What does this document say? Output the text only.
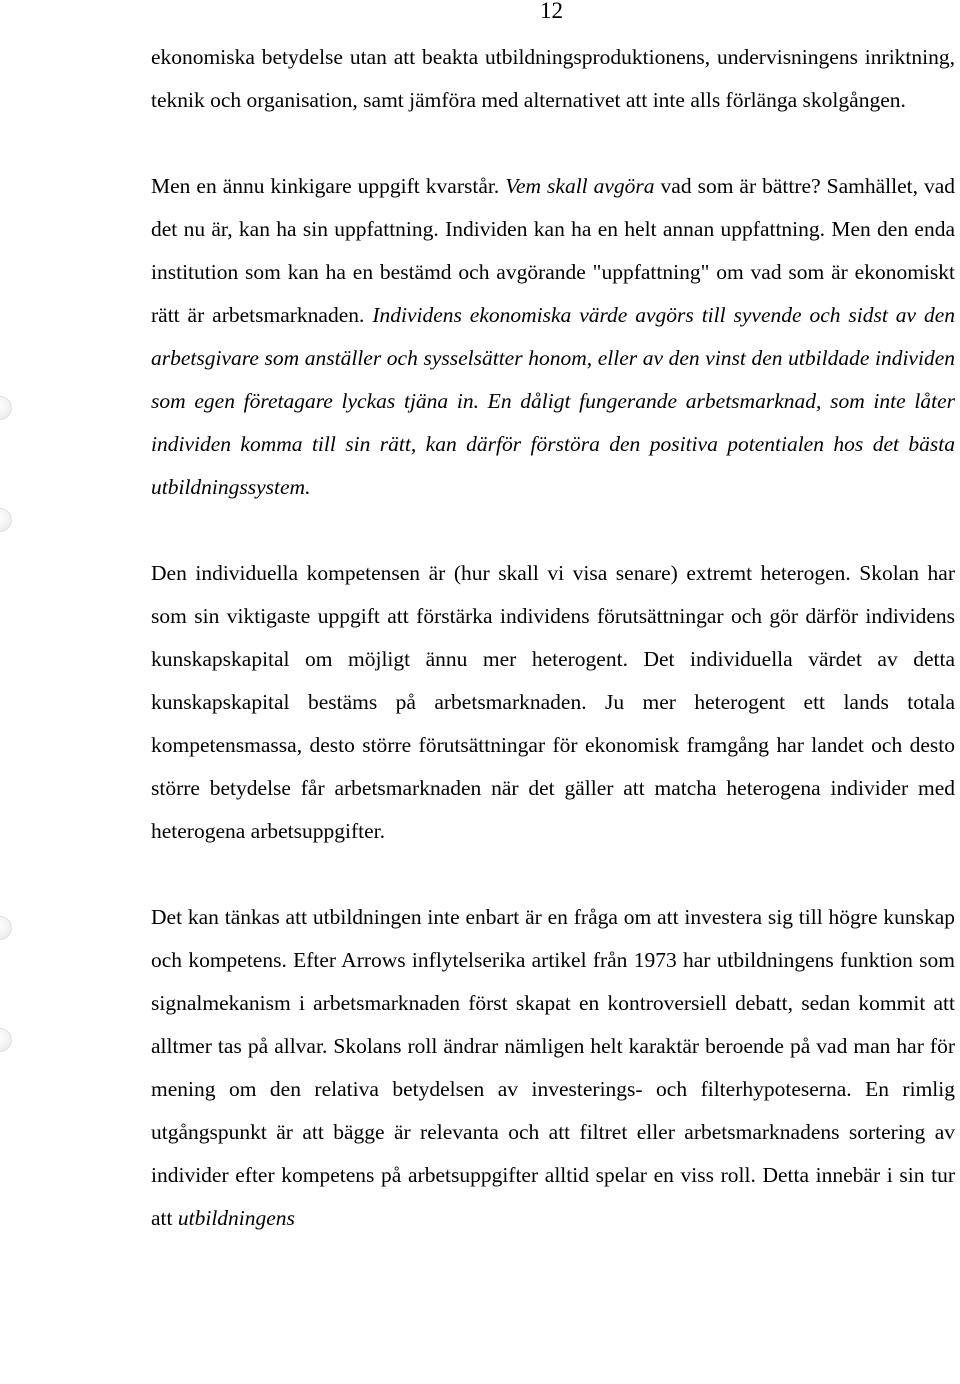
12

ekonomiska betydelse utan att beakta utbildningsproduktionens, undervisningens inriktning, teknik och organisation, samt jämföra med alternativet att inte alls förlänga skolgången.

Men en ännu kinkigare uppgift kvarstår. Vem skall avgöra vad som är bättre? Samhället, vad det nu är, kan ha sin uppfattning. Individen kan ha en helt annan uppfattning. Men den enda institution som kan ha en bestämd och avgörande "uppfattning" om vad som är ekonomiskt rätt är arbetsmarknaden. Individens ekonomiska värde avgörs till syvende och sidst av den arbetsgivare som anställer och sysselsätter honom, eller av den vinst den utbildade individen som egen företagare lyckas tjäna in. En dåligt fungerande arbetsmarknad, som inte låter individen komma till sin rätt, kan därför förstöra den positiva potentialen hos det bästa utbildningssystem.

Den individuella kompetensen är (hur skall vi visa senare) extremt heterogen. Skolan har som sin viktigaste uppgift att förstärka individens förutsättningar och gör därför individens kunskapskapital om möjligt ännu mer heterogent. Det individuella värdet av detta kunskapskapital bestäms på arbetsmarknaden. Ju mer heterogent ett lands totala kompetensmassa, desto större förutsättningar för ekonomisk framgång har landet och desto större betydelse får arbetsmarknaden när det gäller att matcha heterogena individer med heterogena arbetsuppgifter.

Det kan tänkas att utbildningen inte enbart är en fråga om att investera sig till högre kunskap och kompetens. Efter Arrows inflytelserika artikel från 1973 har utbildningens funktion som signalmekanism i arbetsmarknaden först skapat en kontroversiell debatt, sedan kommit att alltmer tas på allvar. Skolans roll ändrar nämligen helt karaktär beroende på vad man har för mening om den relativa betydelsen av investerings- och filterhypoteserna. En rimlig utgångspunkt är att bägge är relevanta och att filtret eller arbetsmarknadens sortering av individer efter kompetens på arbetsuppgifter alltid spelar en viss roll. Detta innebär i sin tur att utbildningens
